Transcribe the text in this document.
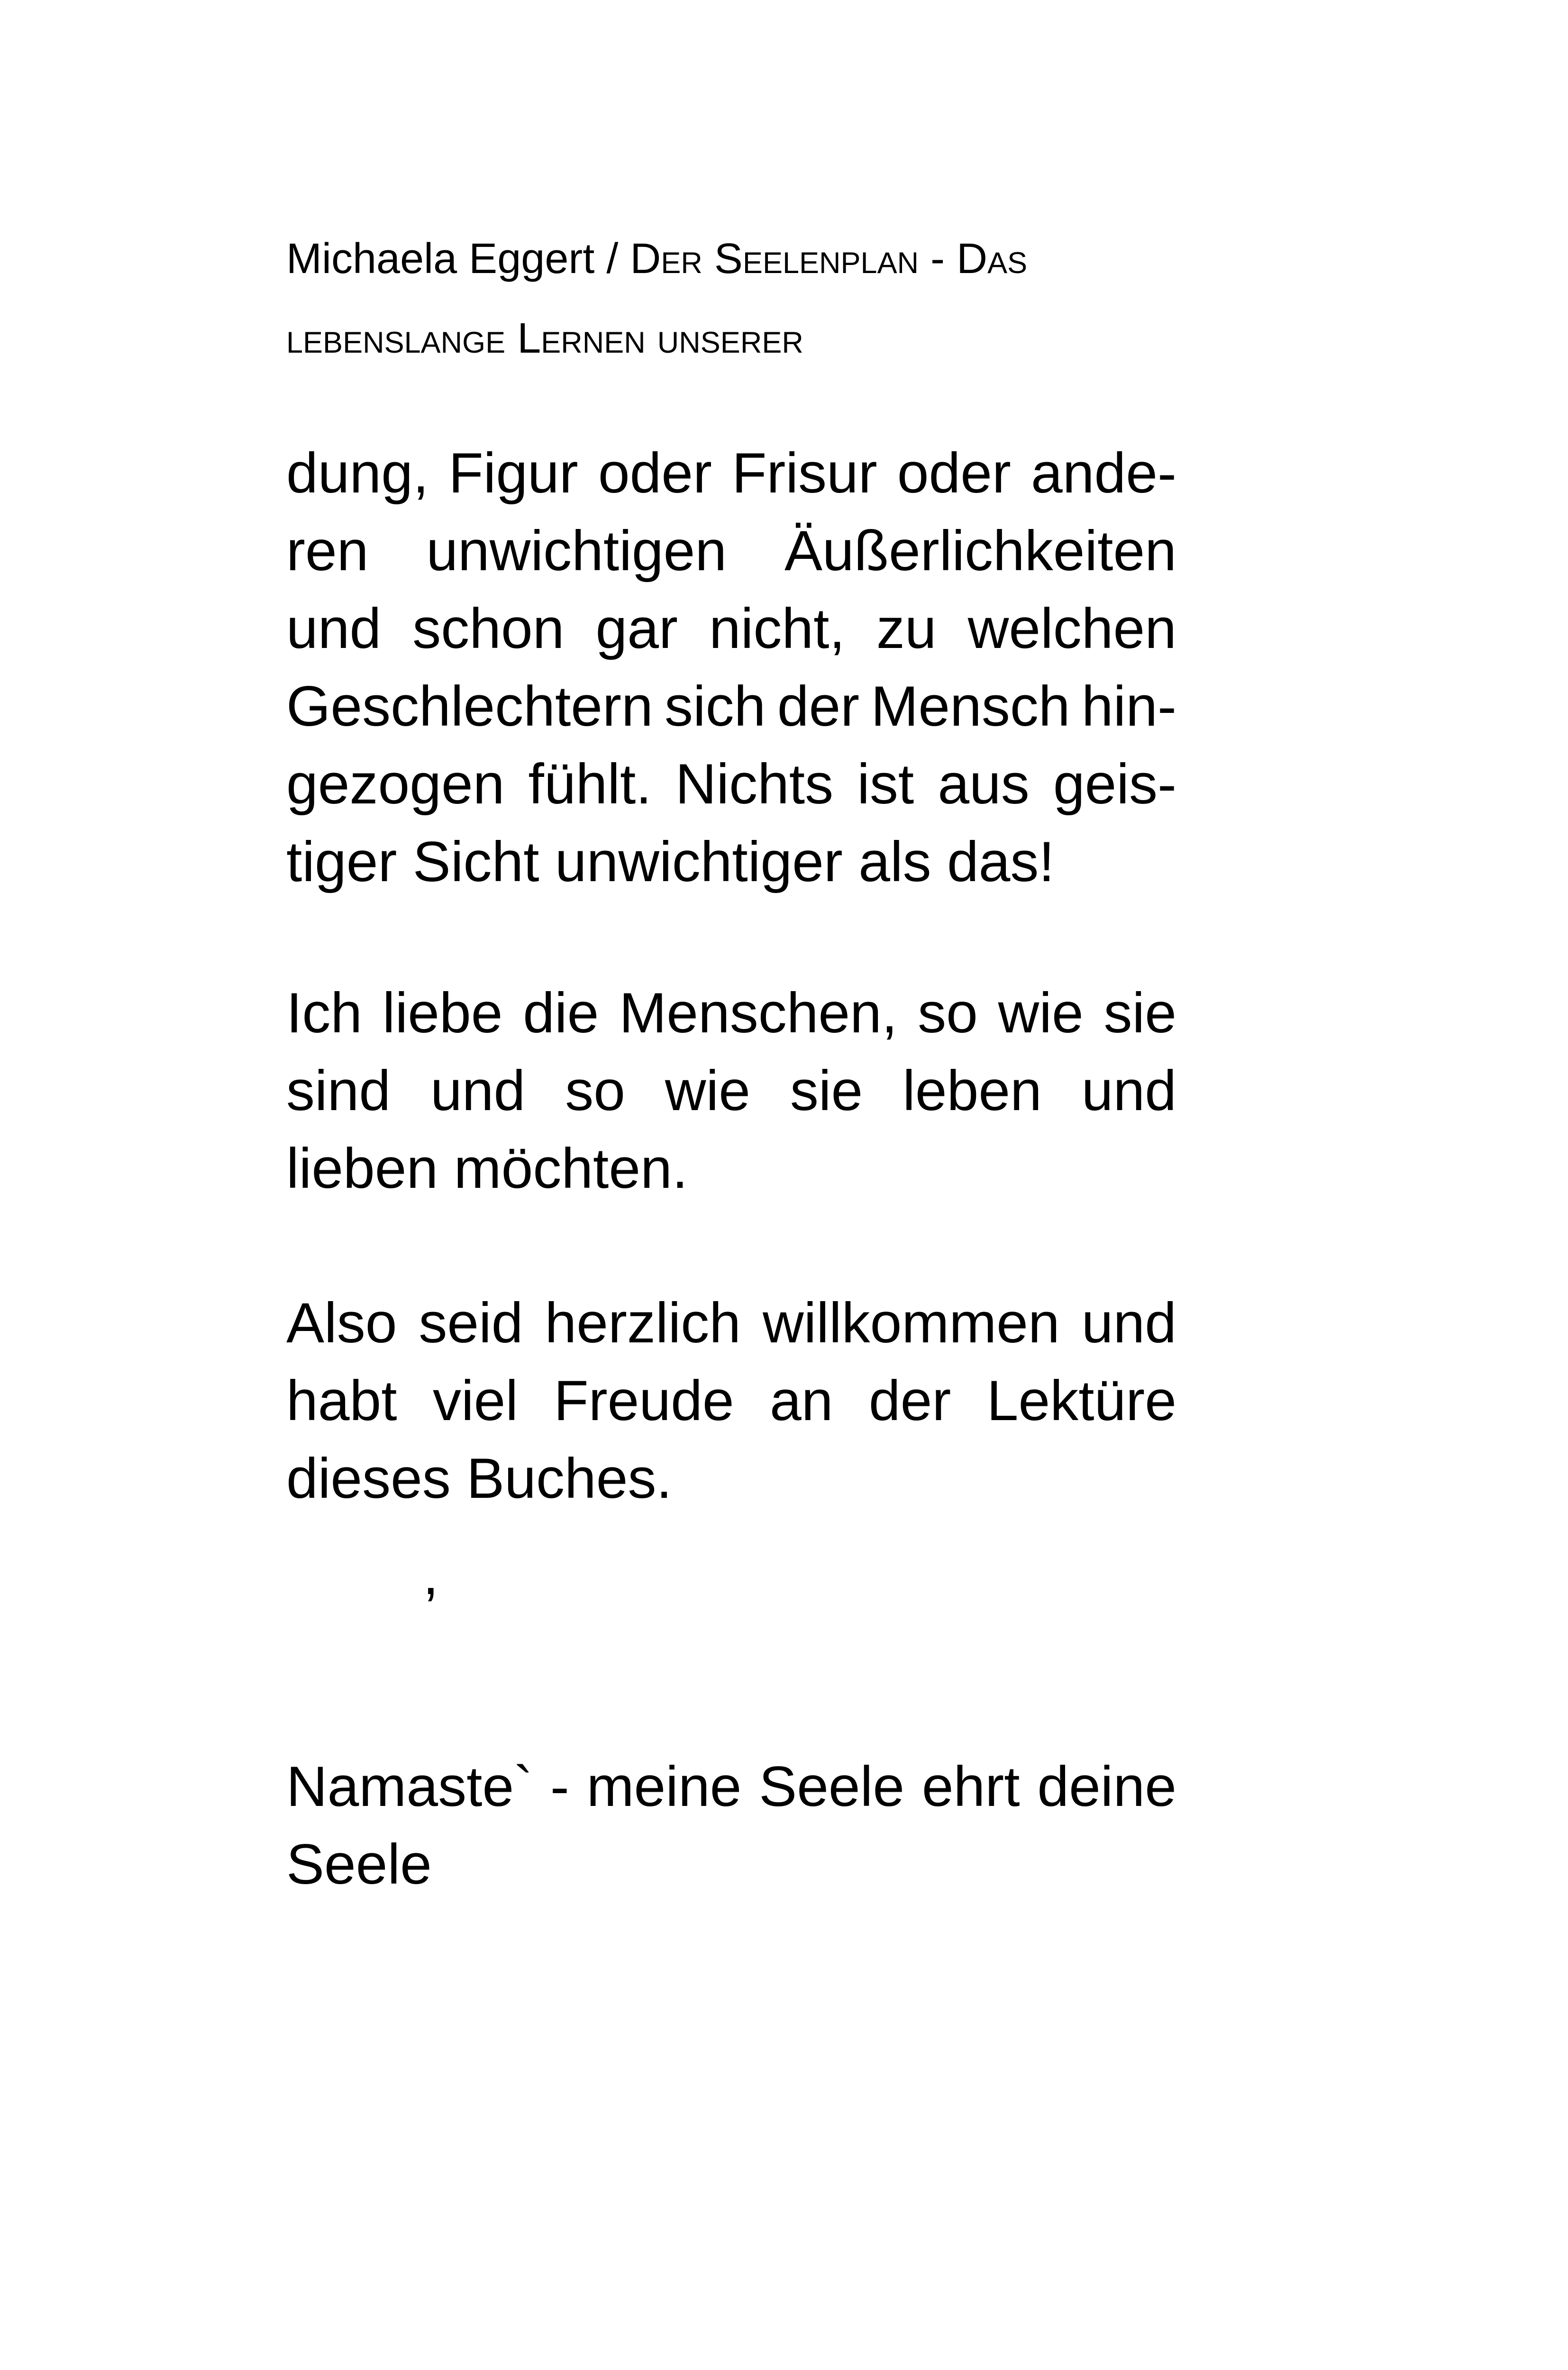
Michaela Eggert / Der Seelenplan - Das lebenslange Lernen unserer
dung, Figur oder Frisur oder ande-
ren unwichtigen Äußerlichkeiten
und schon gar nicht, zu welchen
Geschlechtern sich der Mensch hin-
gezogen fühlt. Nichts ist aus geis-
tiger Sicht unwichtiger als das!
Ich liebe die Menschen, so wie sie
sind und so wie sie leben und
lieben möchten.
Also seid herzlich willkommen und
habt viel Freude an der Lektüre
dieses Buches.
,
Namaste` - meine Seele ehrt deine
Seele
